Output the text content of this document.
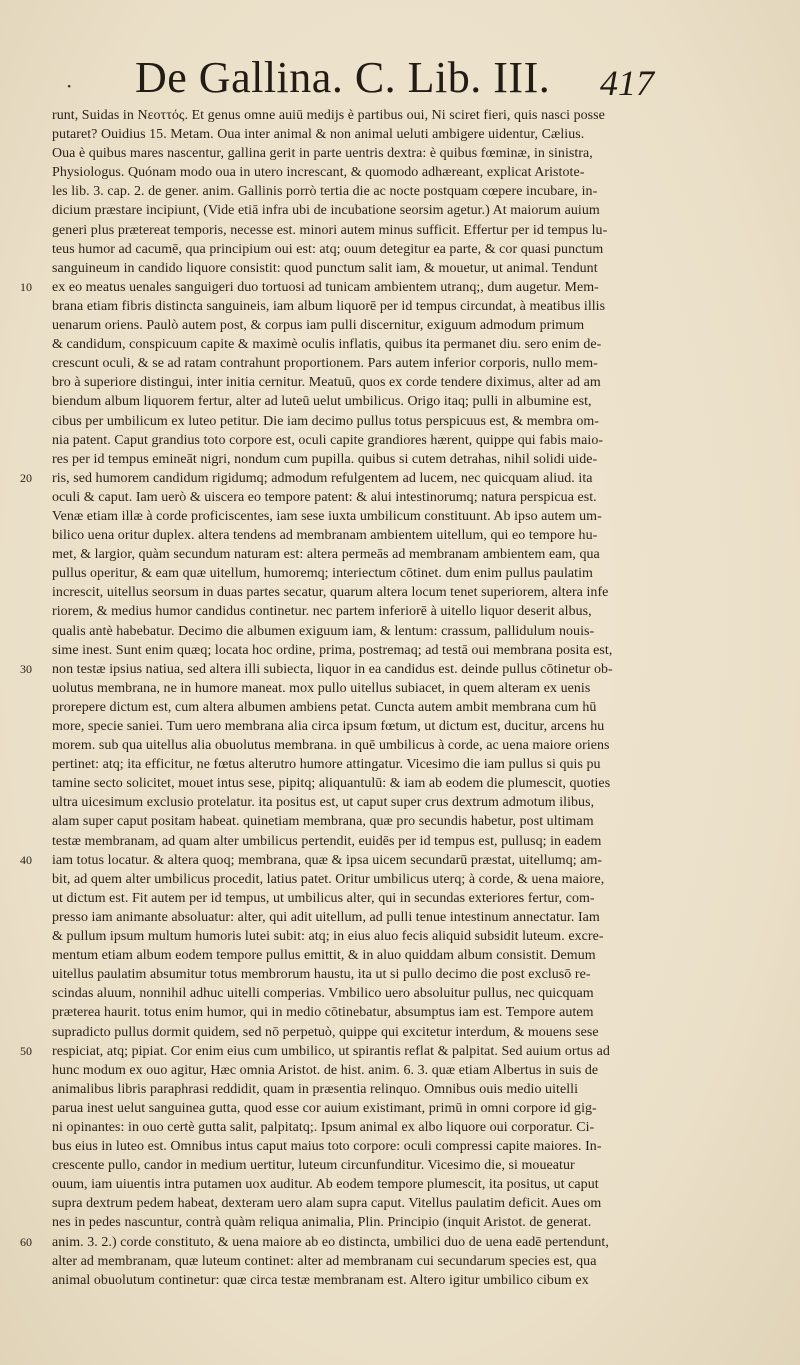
· De Gallina. C. Lib. III. 417
runt, Suidas in Νεοττός. Et genus omne auiū medijs è partibus oui, Ni sciret fieri, quis nasci posse
putaret? Ouidius 15. Metam. Oua inter animal & non animal ueluti ambigere uidentur, Cælius.
Oua è quibus mares nascentur, gallina gerit in parte uentris dextra: è quibus fœminæ, in sinistra,
Physiologus. Quónam modo oua in utero increscant, & quomodo adhæreant, explicat Aristote-
les lib. 3. cap. 2. de gener. anim. Gallinis porrò tertia die ac nocte postquam cœpere incubare, in-
dicium præstare incipiunt, (Vide etiā infra ubi de incubatione seorsim agetur.) At maiorum auium
generi plus prætereat temporis, necesse est. minori autem minus sufficit. Effertur per id tempus lu-
teus humor ad cacumē, qua principium oui est: atq; ouum detegitur ea parte, & cor quasi punctum
sanguineum in candido liquore consistit: quod punctum salit iam, & mouetur, ut animal. Tendunt
10	ex eo meatus uenales sanguigeri duo tortuosi ad tunicam ambientem utranq;, dum augetur. Mem-
brana etiam fibris distincta sanguineis, iam album liquorē per id tempus circundat, à meatibus illis
uenarum oriens. Paulò autem post, & corpus iam pulli discernitur, exiguum admodum primum
& candidum, conspicuum capite & maximè oculis inflatis, quibus ita permanet diu. sero enim de-
crescunt oculi, & se ad ratam contrahunt proportionem. Pars autem inferior corporis, nullo mem-
bro à superiore distingui, inter initia cernitur. Meatuū, quos ex corde tendere diximus, alter ad am
biendum album liquorem fertur, alter ad luteū uelut umbilicus. Origo itaq; pulli in albumine est,
cibus per umbilicum ex luteo petitur. Die iam decimo pullus totus perspicuus est, & membra om-
nia patent. Caput grandius toto corpore est, oculi capite grandiores hærent, quippe qui fabis maio-
res per id tempus emineāt nigri, nondum cum pupilla. quibus si cutem detrahas, nihil solidi uide-
20	ris, sed humorem candidum rigidumq; admodum refulgentem ad lucem, nec quicquam aliud. ita
oculi & caput. Iam uerò & uiscera eo tempore patent: & alui intestinorumq; natura perspicua est.
Venæ etiam illæ à corde proficiscentes, iam sese iuxta umbilicum constituunt. Ab ipso autem um-
bilico uena oritur duplex. altera tendens ad membranam ambientem uitellum, qui eo tempore hu-
met, & largior, quàm secundum naturam est: altera permeās ad membranam ambientem eam, qua
pullus operitur, & eam quæ uitellum, humoremq; interiectum cōtinet. dum enim pullus paulatim
increscit, uitellus seorsum in duas partes secatur, quarum altera locum tenet superiorem, altera infe
riorem, & medius humor candidus continetur. nec partem inferiorē à uitello liquor deserit albus,
qualis antè habebatur. Decimo die albumen exiguum iam, & lentum: crassum, pallidulum nouis-
sime inest. Sunt enim quæq; locata hoc ordine, prima, postremaq; ad testā oui membrana posita est,
30	non testæ ipsius natiua, sed altera illi subiecta, liquor in ea candidus est. deinde pullus cōtinetur ob-
uolutus membrana, ne in humore maneat. mox pullo uitellus subiacet, in quem alteram ex uenis
prorepere dictum est, cum altera albumen ambiens petat. Cuncta autem ambit membrana cum hū
more, specie saniei. Tum uero membrana alia circa ipsum fœtum, ut dictum est, ducitur, arcens hu
morem. sub qua uitellus alia obuolutus membrana. in quē umbilicus à corde, ac uena maiore oriens
pertinet: atq; ita efficitur, ne fœtus alterutro humore attingatur. Vicesimo die iam pullus si quis pu
tamine secto solicitet, mouet intus sese, pipitq; aliquantulū: & iam ab eodem die plumescit, quoties
ultra uicesimum exclusio protelatur. ita positus est, ut caput super crus dextrum admotum ilibus,
alam super caput positam habeat. quinetiam membrana, quæ pro secundis habetur, post ultimam
testæ membranam, ad quam alter umbilicus pertendit, euidēs per id tempus est, pullusq; in eadem
40	iam totus locatur. & altera quoq; membrana, quæ & ipsa uicem secundarū præstat, uitellumq; am-
bit, ad quem alter umbilicus procedit, latius patet. Oritur umbilicus uterq; à corde, & uena maiore,
ut dictum est. Fit autem per id tempus, ut umbilicus alter, qui in secundas exteriores fertur, com-
presso iam animante absoluatur: alter, qui adit uitellum, ad pulli tenue intestinum annectatur. Iam
& pullum ipsum multum humoris lutei subit: atq; in eius aluo fecis aliquid subsidit luteum. excre-
mentum etiam album eodem tempore pullus emittit, & in aluo quiddam album consistit. Demum
uitellus paulatim absumitur totus membrorum haustu, ita ut si pullo decimo die post exclusō re-
scindas aluum, nonnihil adhuc uitelli comperias. Vmbilico uero absoluitur pullus, nec quicquam
præterea haurit. totus enim humor, qui in medio cōtinebatur, absumptus iam est. Tempore autem
supradicto pullus dormit quidem, sed nō perpetuò, quippe qui excitetur interdum, & mouens sese
50	respiciat, atq; pipiat. Cor enim eius cum umbilico, ut spirantis reflat & palpitat. Sed auium ortus ad
hunc modum ex ouo agitur, Hæc omnia Aristot. de hist. anim. 6. 3. quæ etiam Albertus in suis de
animalibus libris paraphrasi reddidit, quam in præsentia relinquo. Omnibus ouis medio uitelli
parua inest uelut sanguinea gutta, quod esse cor auium existimant, primū in omni corpore id gig-
ni opinantes: in ouo certè gutta salit, palpitatq;. Ipsum animal ex albo liquore oui corporatur. Ci-
bus eius in luteo est. Omnibus intus caput maius toto corpore: oculi compressi capite maiores. In-
crescente pullo, candor in medium uertitur, luteum circunfunditur. Vicesimo die, si moueatur
ouum, iam uiuentis intra putamen uox auditur. Ab eodem tempore plumescit, ita positus, ut caput
supra dextrum pedem habeat, dexteram uero alam supra caput. Vitellus paulatim deficit. Aues om
nes in pedes nascuntur, contrà quàm reliqua animalia, Plin. Principio (inquit Aristot. de generat.
60	anim. 3. 2.) corde constituto, & uena maiore ab eo distincta, umbilici duo de uena eadē pertendunt,
alter ad membranam, quæ luteum continet: alter ad membranam cui secundarum species est, qua
animal obuolutum continetur: quæ circa testæ membranam est. Altero igitur umbilico cibum ex
